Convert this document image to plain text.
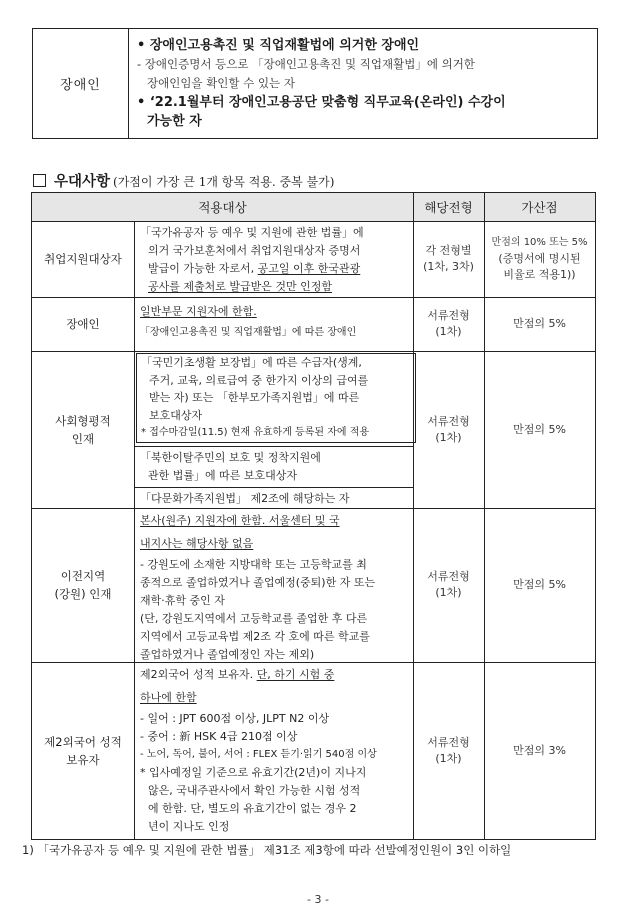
장애인
• 장애인고용촉진 및 직업재활법에 의거한 장애인
- 장애인증명서 등으로 「장애인고용촉진 및 직업재활법」에 의거한
장애인임을 확인할 수 있는 자
• ‘22.1월부터 장애인고용공단 맞춤형 직무교육(온라인) 수강이
가능한 자
우대사항 (가점이 가장 큰 1개 항목 적용. 중복 불가)
적용대상	해당전형	가산점
취업지원대상자
「국가유공자 등 예우 및 지원에 관한 법률」에
의거 국가보훈처에서 취업지원대상자 증명서
발급이 가능한 자로서, 공고일 이후 한국관광
공사를 제출처로 발급받은 것만 인정함
각 전형별
(1차, 3차)
만점의 10% 또는 5%
(증명서에 명시된
비율로 적용1))
장애인
일반부문 지원자에 한함.
「장애인고용촉진 및 직업재활법」에 따른 장애인
서류전형
(1차)
만점의 5%
사회형평적
인재
「국민기초생활 보장법」에 따른 수급자(생계,
주거, 교육, 의료급여 중 한가지 이상의 급여를
받는 자) 또는 「한부모가족지원법」에 따른
보호대상자
* 접수마감일(11.5) 현재 유효하게 등록된 자에 적용
「북한이탈주민의 보호 및 정착지원에
관한 법률」에 따른 보호대상자
「다문화가족지원법」 제2조에 해당하는 자
서류전형
(1차)
만점의 5%
이전지역
(강원) 인재
본사(원주) 지원자에 한함. 서울센터 및 국
내지사는 해당사항 없음
- 강원도에 소재한 지방대학 또는 고등학교를 최
종적으로 졸업하였거나 졸업예정(중퇴)한 자 또는
재학·휴학 중인 자
(단, 강원도지역에서 고등학교를 졸업한 후 다른
지역에서 고등교육법 제2조 각 호에 따른 학교를
졸업하였거나 졸업예정인 자는 제외)
서류전형
(1차)
만점의 5%
제2외국어 성적
보유자
제2외국어 성적 보유자. 단, 하기 시험 중
하나에 한함
- 일어 : JPT 600점 이상, JLPT N2 이상
- 중어 : 新 HSK 4급 210점 이상
- 노어, 독어, 불어, 서어 : FLEX 듣기·읽기 540점 이상
* 입사예정일 기준으로 유효기간(2년)이 지나지
않은, 국내주관사에서 확인 가능한 시험 성적
에 한함. 단, 별도의 유효기간이 없는 경우 2
년이 지나도 인정
서류전형
(1차)
만점의 3%
1) 「국가유공자 등 예우 및 지원에 관한 법률」 제31조 제3항에 따라 선발예정인원이 3인 이하일
- 3 -
